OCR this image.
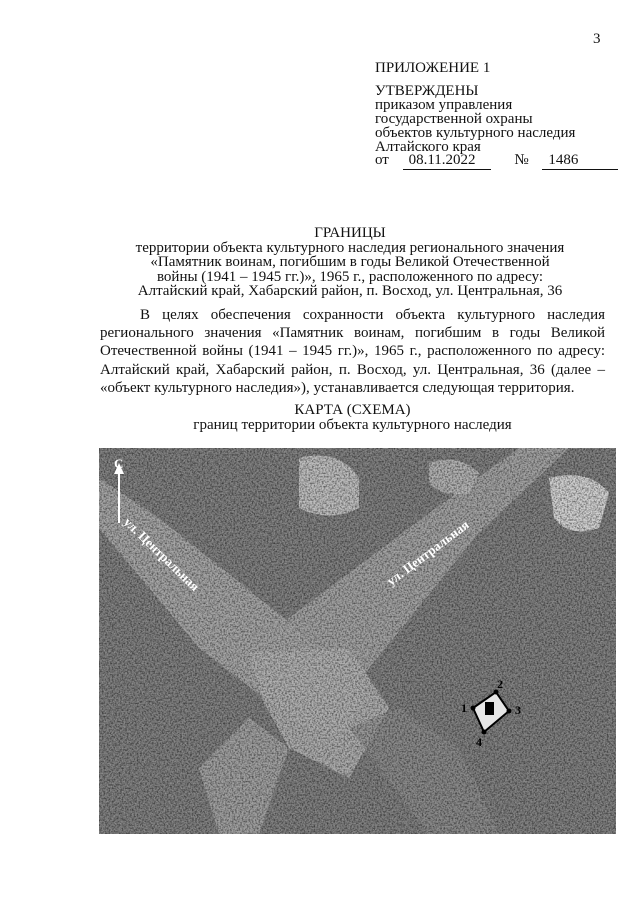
3
ПРИЛОЖЕНИЕ 1
УТВЕРЖДЕНЫ
приказом управления
государственной охраны
объектов культурного наследия
Алтайского края
от 08.11.2022	№ 1486
ГРАНИЦЫ
территории объекта культурного наследия регионального значения
«Памятник воинам, погибшим в годы Великой Отечественной
войны (1941 – 1945 гг.)», 1965 г., расположенного по адресу:
Алтайский край, Хабарский район, п. Восход, ул. Центральная, 36
В целях обеспечения сохранности объекта культурного наследия регионального значения «Памятник воинам, погибшим в годы Великой Отечественной войны (1941 – 1945 гг.)», 1965 г., расположенного по адресу: Алтайский край, Хабарский район, п. Восход, ул. Центральная, 36 (далее – «объект культурного наследия»), устанавливается следующая территория.
КАРТА (СХЕМА)
границ территории объекта культурного наследия
С
ул. Центральная	ул. Центральная
1
2
3
4
